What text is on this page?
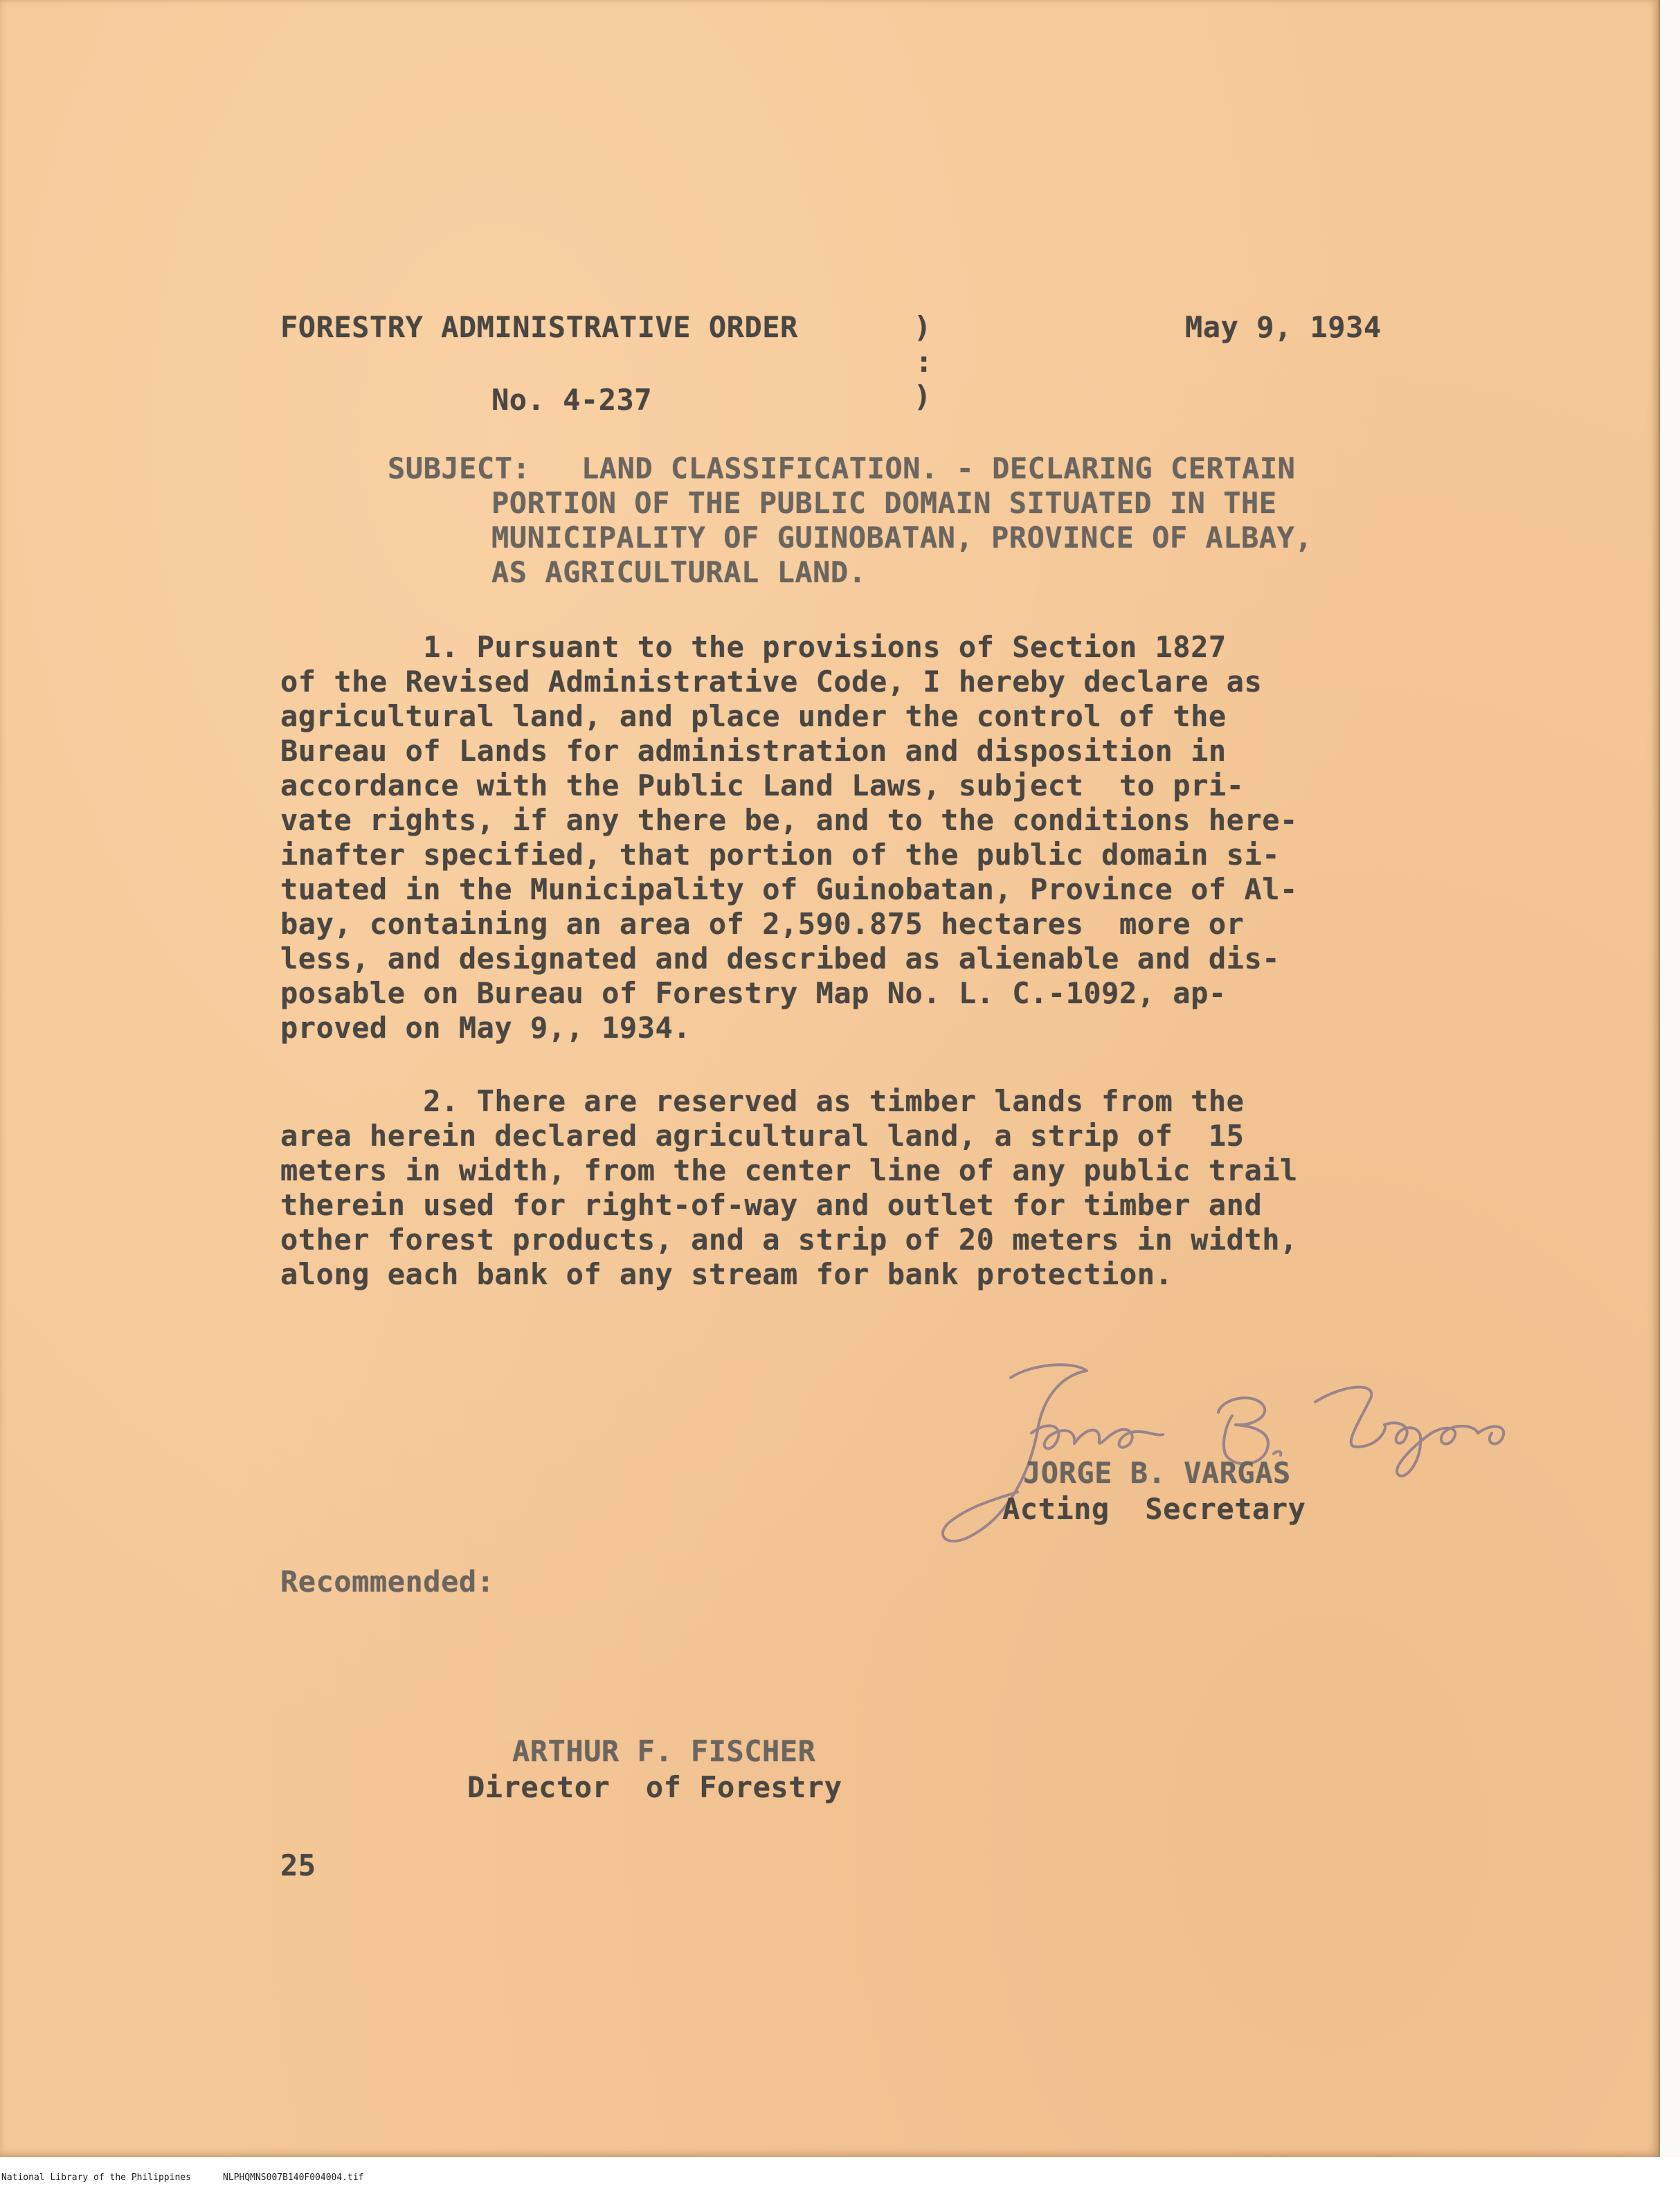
FORESTRY ADMINISTRATIVE ORDER	)

:

)

May 9, 1934

No. 4-237

SUBJECT: LAND CLASSIFICATION. - DECLARING CERTAIN

PORTION OF THE PUBLIC DOMAIN SITUATED IN THE

MUNICIPALITY OF GUINOBATAN, PROVINCE OF ALBAY,

AS AGRICULTURAL LAND.

1. Pursuant to the provisions of Section 1827

of the Revised Administrative Code, I hereby declare as

agricultural land, and place under the control of the

Bureau of Lands for administration and disposition in

accordance with the Public Land Laws, subject  to pri-

vate rights, if any there be, and to the conditions here-

inafter specified, that portion of the public domain si-

tuated in the Municipality of Guinobatan, Province of Al-

bay, containing an area of 2,590.875 hectares  more or

less, and designated and described as alienable and dis-

posable on Bureau of Forestry Map No. L. C.-1092, ap-

proved on May 9,, 1934.

2. There are reserved as timber lands from the

area herein declared agricultural land, a strip of  15

meters in width, from the center line of any public trail

therein used for right-of-way and outlet for timber and

other forest products, and a strip of 20 meters in width,

along each bank of any stream for bank protection.

JORGE B. VARGAS

Acting  Secretary

Recommended:

ARTHUR F. FISCHER

Director  of Forestry

25

National Library of the Philippines	NLPHQMNS007B140F004004.tif
